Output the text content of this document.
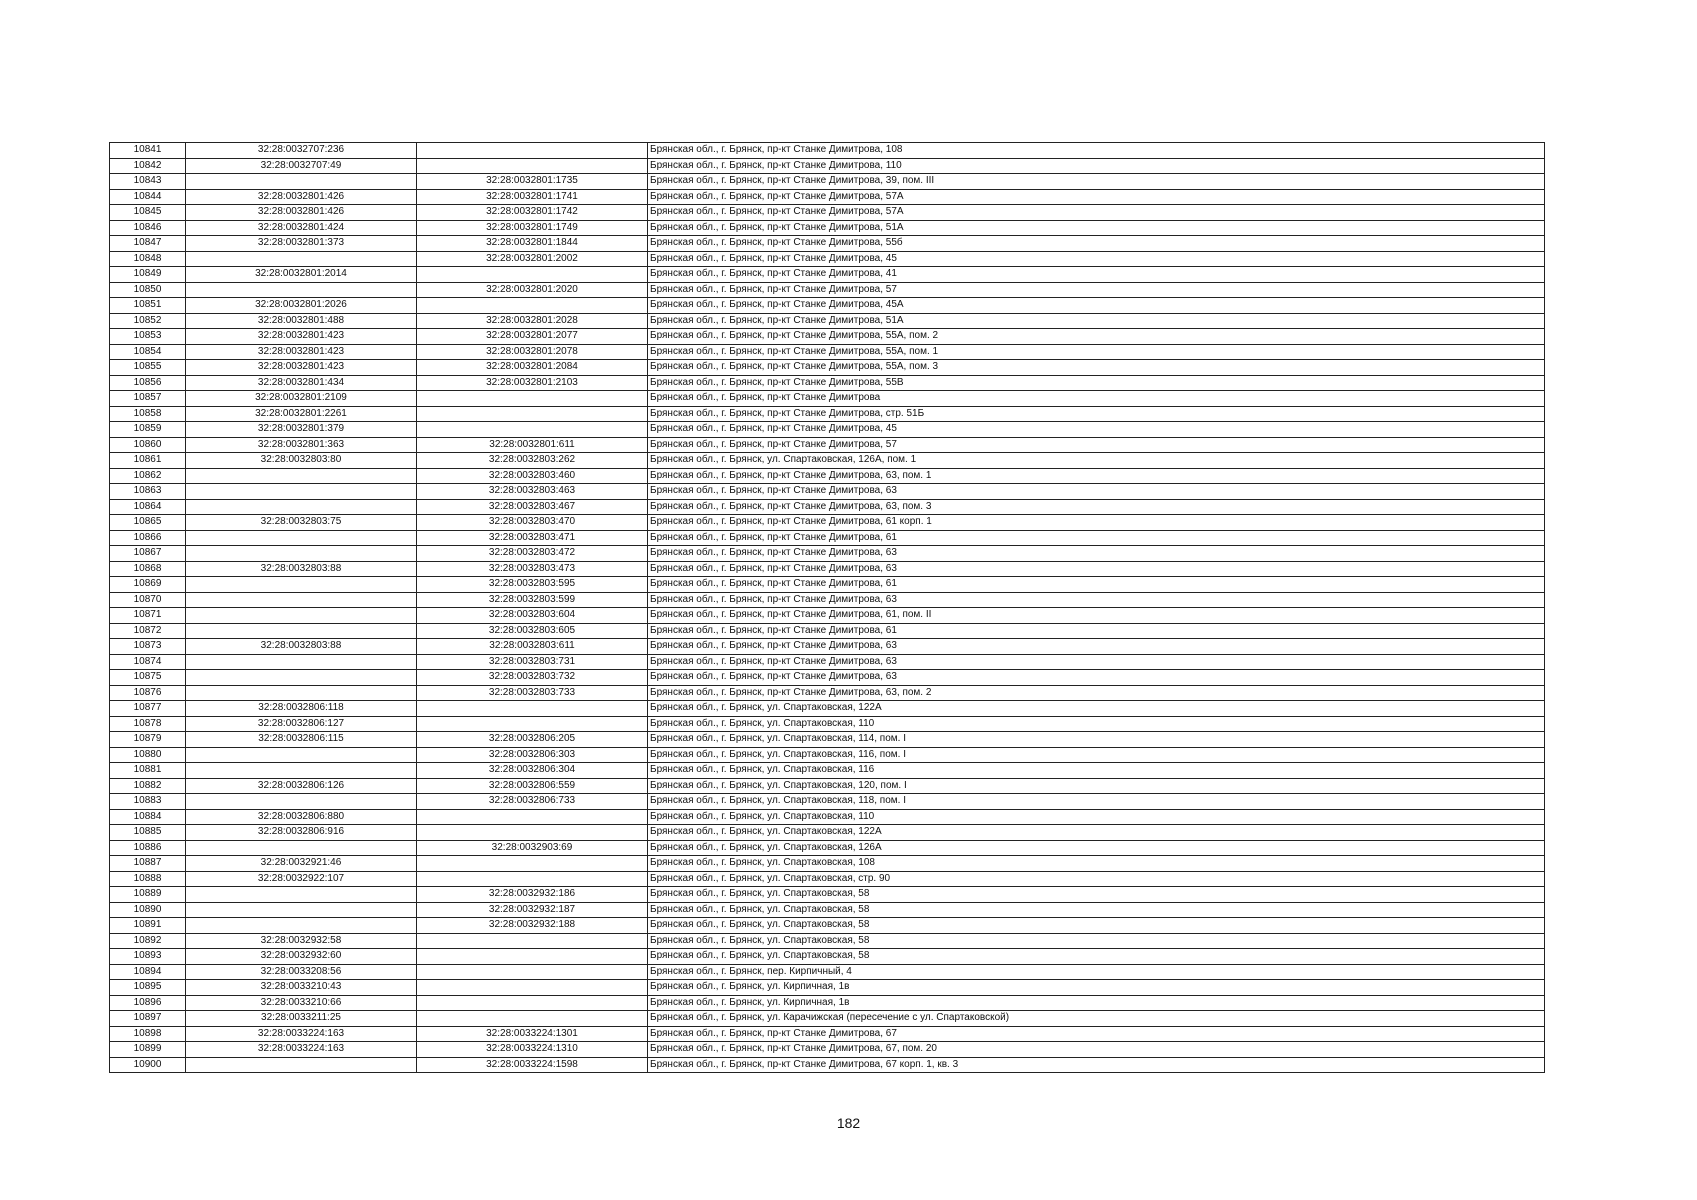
10841	32:28:0032707:236		Брянская обл., г. Брянск, пр-кт Станке Димитрова, 108
10842	32:28:0032707:49		Брянская обл., г. Брянск, пр-кт Станке Димитрова, 110
10843		32:28:0032801:1735	Брянская обл., г. Брянск, пр-кт Станке Димитрова, 39, пом. III
10844	32:28:0032801:426	32:28:0032801:1741	Брянская обл., г. Брянск, пр-кт Станке Димитрова, 57А
10845	32:28:0032801:426	32:28:0032801:1742	Брянская обл., г. Брянск, пр-кт Станке Димитрова, 57А
10846	32:28:0032801:424	32:28:0032801:1749	Брянская обл., г. Брянск, пр-кт Станке Димитрова, 51А
10847	32:28:0032801:373	32:28:0032801:1844	Брянская обл., г. Брянск, пр-кт Станке Димитрова, 55б
10848		32:28:0032801:2002	Брянская обл., г. Брянск, пр-кт Станке Димитрова, 45
10849	32:28:0032801:2014		Брянская обл., г. Брянск, пр-кт Станке Димитрова, 41
10850		32:28:0032801:2020	Брянская обл., г. Брянск, пр-кт Станке Димитрова, 57
10851	32:28:0032801:2026		Брянская обл., г. Брянск, пр-кт Станке Димитрова, 45А
10852	32:28:0032801:488	32:28:0032801:2028	Брянская обл., г. Брянск, пр-кт Станке Димитрова, 51А
10853	32:28:0032801:423	32:28:0032801:2077	Брянская обл., г. Брянск, пр-кт Станке Димитрова, 55А, пом. 2
10854	32:28:0032801:423	32:28:0032801:2078	Брянская обл., г. Брянск, пр-кт Станке Димитрова, 55А, пом. 1
10855	32:28:0032801:423	32:28:0032801:2084	Брянская обл., г. Брянск, пр-кт Станке Димитрова, 55А, пом. 3
10856	32:28:0032801:434	32:28:0032801:2103	Брянская обл., г. Брянск, пр-кт Станке Димитрова, 55В
10857	32:28:0032801:2109		Брянская обл., г. Брянск, пр-кт Станке Димитрова
10858	32:28:0032801:2261		Брянская обл., г. Брянск, пр-кт Станке Димитрова, стр. 51Б
10859	32:28:0032801:379		Брянская обл., г. Брянск, пр-кт Станке Димитрова, 45
10860	32:28:0032801:363	32:28:0032801:611	Брянская обл., г. Брянск, пр-кт Станке Димитрова, 57
10861	32:28:0032803:80	32:28:0032803:262	Брянская обл., г. Брянск, ул. Спартаковская, 126А, пом. 1
10862		32:28:0032803:460	Брянская обл., г. Брянск, пр-кт Станке Димитрова, 63, пом. 1
10863		32:28:0032803:463	Брянская обл., г. Брянск, пр-кт Станке Димитрова, 63
10864		32:28:0032803:467	Брянская обл., г. Брянск, пр-кт Станке Димитрова, 63, пом. 3
10865	32:28:0032803:75	32:28:0032803:470	Брянская обл., г. Брянск, пр-кт Станке Димитрова, 61 корп. 1
10866		32:28:0032803:471	Брянская обл., г. Брянск, пр-кт Станке Димитрова, 61
10867		32:28:0032803:472	Брянская обл., г. Брянск, пр-кт Станке Димитрова, 63
10868	32:28:0032803:88	32:28:0032803:473	Брянская обл., г. Брянск, пр-кт Станке Димитрова, 63
10869		32:28:0032803:595	Брянская обл., г. Брянск, пр-кт Станке Димитрова, 61
10870		32:28:0032803:599	Брянская обл., г. Брянск, пр-кт Станке Димитрова, 63
10871		32:28:0032803:604	Брянская обл., г. Брянск, пр-кт Станке Димитрова, 61, пом. II
10872		32:28:0032803:605	Брянская обл., г. Брянск, пр-кт Станке Димитрова, 61
10873	32:28:0032803:88	32:28:0032803:611	Брянская обл., г. Брянск, пр-кт Станке Димитрова, 63
10874		32:28:0032803:731	Брянская обл., г. Брянск, пр-кт Станке Димитрова, 63
10875		32:28:0032803:732	Брянская обл., г. Брянск, пр-кт Станке Димитрова, 63
10876		32:28:0032803:733	Брянская обл., г. Брянск, пр-кт Станке Димитрова, 63, пом. 2
10877	32:28:0032806:118		Брянская обл., г. Брянск, ул. Спартаковская, 122А
10878	32:28:0032806:127		Брянская обл., г. Брянск, ул. Спартаковская, 110
10879	32:28:0032806:115	32:28:0032806:205	Брянская обл., г. Брянск, ул. Спартаковская, 114, пом. I
10880		32:28:0032806:303	Брянская обл., г. Брянск, ул. Спартаковская, 116, пом. I
10881		32:28:0032806:304	Брянская обл., г. Брянск, ул. Спартаковская, 116
10882	32:28:0032806:126	32:28:0032806:559	Брянская обл., г. Брянск, ул. Спартаковская, 120, пом. I
10883		32:28:0032806:733	Брянская обл., г. Брянск, ул. Спартаковская, 118, пом. I
10884	32:28:0032806:880		Брянская обл., г. Брянск, ул. Спартаковская, 110
10885	32:28:0032806:916		Брянская обл., г. Брянск, ул. Спартаковская, 122А
10886		32:28:0032903:69	Брянская обл., г. Брянск, ул. Спартаковская, 126А
10887	32:28:0032921:46		Брянская обл., г. Брянск, ул. Спартаковская, 108
10888	32:28:0032922:107		Брянская обл., г. Брянск, ул. Спартаковская, стр. 90
10889		32:28:0032932:186	Брянская обл., г. Брянск, ул. Спартаковская, 58
10890		32:28:0032932:187	Брянская обл., г. Брянск, ул. Спартаковская, 58
10891		32:28:0032932:188	Брянская обл., г. Брянск, ул. Спартаковская, 58
10892	32:28:0032932:58		Брянская обл., г. Брянск, ул. Спартаковская, 58
10893	32:28:0032932:60		Брянская обл., г. Брянск, ул. Спартаковская, 58
10894	32:28:0033208:56		Брянская обл., г. Брянск, пер. Кирпичный, 4
10895	32:28:0033210:43		Брянская обл., г. Брянск, ул. Кирпичная, 1в
10896	32:28:0033210:66		Брянская обл., г. Брянск, ул. Кирпичная, 1в
10897	32:28:0033211:25		Брянская обл., г. Брянск, ул. Карачижская (пересечение с ул. Спартаковской)
10898	32:28:0033224:163	32:28:0033224:1301	Брянская обл., г. Брянск, пр-кт Станке Димитрова, 67
10899	32:28:0033224:163	32:28:0033224:1310	Брянская обл., г. Брянск, пр-кт Станке Димитрова, 67, пом. 20
10900		32:28:0033224:1598	Брянская обл., г. Брянск, пр-кт Станке Димитрова, 67 корп. 1, кв. 3
182
